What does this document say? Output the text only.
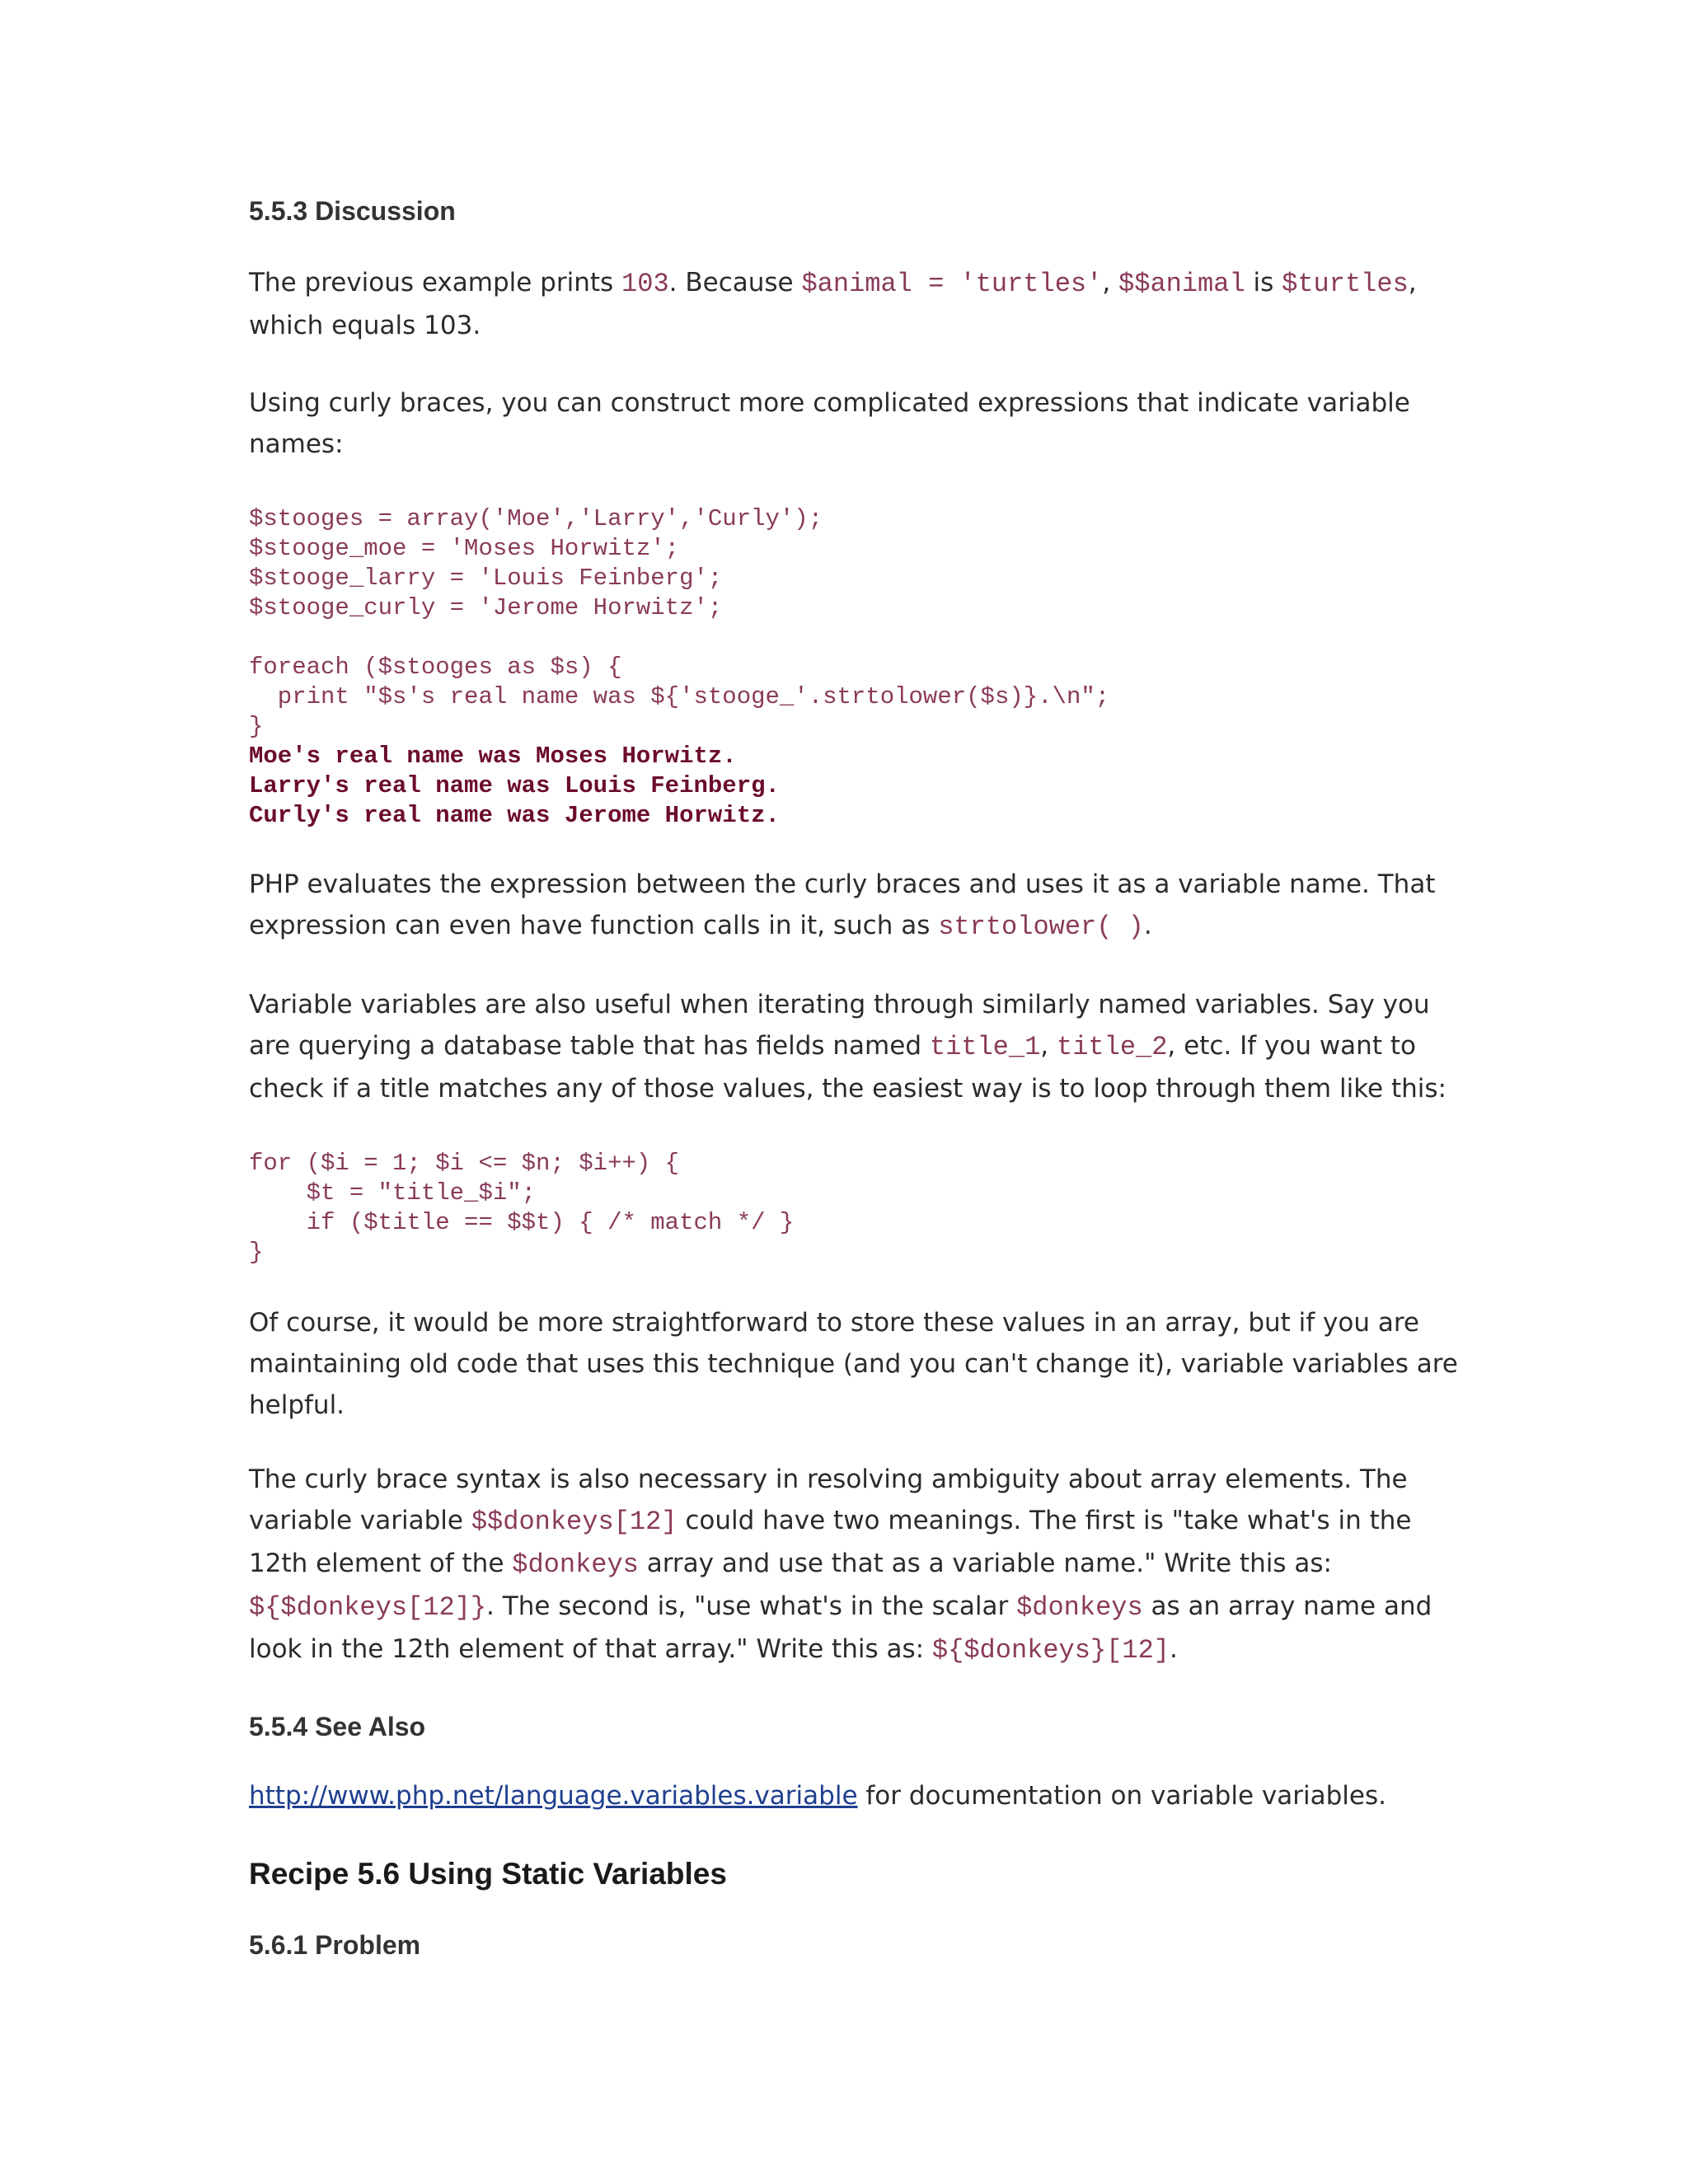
5.5.3 Discussion
The previous example prints 103. Because $animal = 'turtles', $$animal is $turtles,
which equals 103.
Using curly braces, you can construct more complicated expressions that indicate variable
names:
$stooges = array('Moe','Larry','Curly');
$stooge_moe = 'Moses Horwitz';
$stooge_larry = 'Louis Feinberg';
$stooge_curly = 'Jerome Horwitz';

foreach ($stooges as $s) {
print "$s's real name was ${'stooge_'.strtolower($s)}.\n";
}

Moe's real name was Moses Horwitz.
Larry's real name was Louis Feinberg.
Curly's real name was Jerome Horwitz.
PHP evaluates the expression between the curly braces and uses it as a variable name. That
expression can even have function calls in it, such as strtolower( ).
Variable variables are also useful when iterating through similarly named variables. Say you
are querying a database table that has fields named title_1, title_2, etc. If you want to
check if a title matches any of those values, the easiest way is to loop through them like this:
for ($i = 1; $i <= $n; $i++) {
$t = "title_$i";
if ($title == $$t) { /* match */ }
}
Of course, it would be more straightforward to store these values in an array, but if you are
maintaining old code that uses this technique (and you can't change it), variable variables are
helpful.
The curly brace syntax is also necessary in resolving ambiguity about array elements. The
variable variable $$donkeys[12] could have two meanings. The first is "take what's in the
12th element of the $donkeys array and use that as a variable name." Write this as:
${$donkeys[12]}. The second is, "use what's in the scalar $donkeys as an array name and
look in the 12th element of that array." Write this as: ${$donkeys}[12].
5.5.4 See Also
http://www.php.net/language.variables.variable for documentation on variable variables.
Recipe 5.6 Using Static Variables
5.6.1 Problem
